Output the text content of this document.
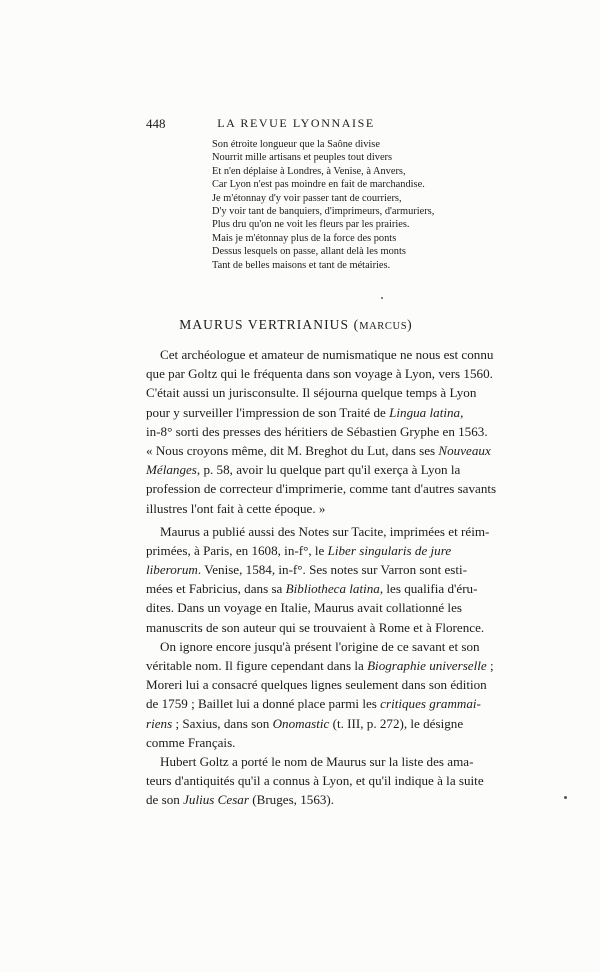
448	LA REVUE LYONNAISE
Son étroite longueur que la Saône divise
Nourrit mille artisans et peuples tout divers
Et n'en déplaise à Londres, à Venise, à Anvers,
Car Lyon n'est pas moindre en fait de marchandise.
Je m'étonnay d'y voir passer tant de courriers,
D'y voir tant de banquiers, d'imprimeurs, d'armuriers,
Plus dru qu'on ne voit les fleurs par les prairies.
Mais je m'étonnay plus de la force des ponts
Dessus lesquels on passe, allant delà les monts
Tant de belles maisons et tant de métairies.
MAURUS VERTRIANIUS (MARCUS)
Cet archéologue et amateur de numismatique ne nous est connu
que par Goltz qui le fréquenta dans son voyage à Lyon, vers 1560.
C'était aussi un jurisconsulte. Il séjourna quelque temps à Lyon
pour y surveiller l'impression de son Traité de Lingua latina,
in-8° sorti des presses des héritiers de Sébastien Gryphe en 1563.
« Nous croyons même, dit M. Breghot du Lut, dans ses Nouveaux
Mélanges, p. 58, avoir lu quelque part qu'il exerça à Lyon la
profession de correcteur d'imprimerie, comme tant d'autres savants
illustres l'ont fait à cette époque. »
Maurus a publié aussi des Notes sur Tacite, imprimées et réim-
primées, à Paris, en 1608, in-f°, le Liber singularis de jure
liberorum. Venise, 1584, in-f°. Ses notes sur Varron sont esti-
mées et Fabricius, dans sa Bibliotheca latina, les qualifia d'éru-
dites. Dans un voyage en Italie, Maurus avait collationné les
manuscrits de son auteur qui se trouvaient à Rome et à Florence.
On ignore encore jusqu'à présent l'origine de ce savant et son
véritable nom. Il figure cependant dans la Biographie universelle ;
Moreri lui a consacré quelques lignes seulement dans son édition
de 1759 ; Baillet lui a donné place parmi les critiques grammai-
riens ; Saxius, dans son Onomastic (t. III, p. 272), le désigne
comme Français.
Hubert Goltz a porté le nom de Maurus sur la liste des ama-
teurs d'antiquités qu'il a connus à Lyon, et qu'il indique à la suite
de son Julius Cesar (Bruges, 1563).
